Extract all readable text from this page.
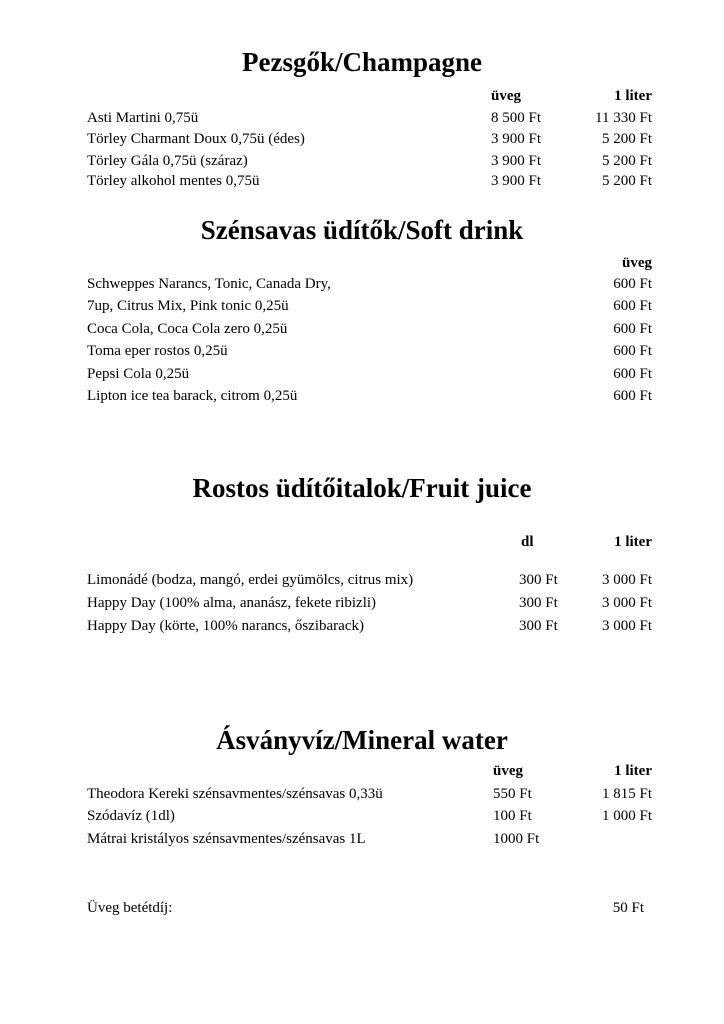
Pezsgők/Champagne
üveg	1 liter
Asti Martini 0,75ü	8 500 Ft	11 330 Ft
Törley Charmant Doux 0,75ü (édes)	3 900 Ft	5 200 Ft
Törley Gála 0,75ü (száraz)	3 900 Ft	5 200 Ft
Törley alkohol mentes 0,75ü	3 900 Ft	5 200 Ft
Szénsavas üdítők/Soft drink
üveg
Schweppes Narancs, Tonic, Canada Dry,	600 Ft
7up, Citrus Mix, Pink tonic 0,25ü	600 Ft
Coca Cola, Coca Cola zero 0,25ü	600 Ft
Toma eper rostos 0,25ü	600 Ft
Pepsi Cola 0,25ü	600 Ft
Lipton ice tea barack, citrom 0,25ü	600 Ft
Rostos üdítőitalok/Fruit juice
dl	1 liter
Limonádé (bodza, mangó, erdei gyümölcs, citrus mix)	300 Ft	3 000 Ft
Happy Day (100% alma, ananász, fekete ribizli)	300 Ft	3 000 Ft
Happy Day (körte, 100% narancs, őszibarack)	300 Ft	3 000 Ft
Ásványvíz/Mineral water
üveg	1 liter
Theodora Kereki szénsavmentes/szénsavas 0,33ü	550 Ft	1 815 Ft
Szódavíz (1dl)	100 Ft	1 000 Ft
Mátrai kristályos szénsavmentes/szénsavas 1L	1000 Ft
Üveg betétdíj:	50 Ft
